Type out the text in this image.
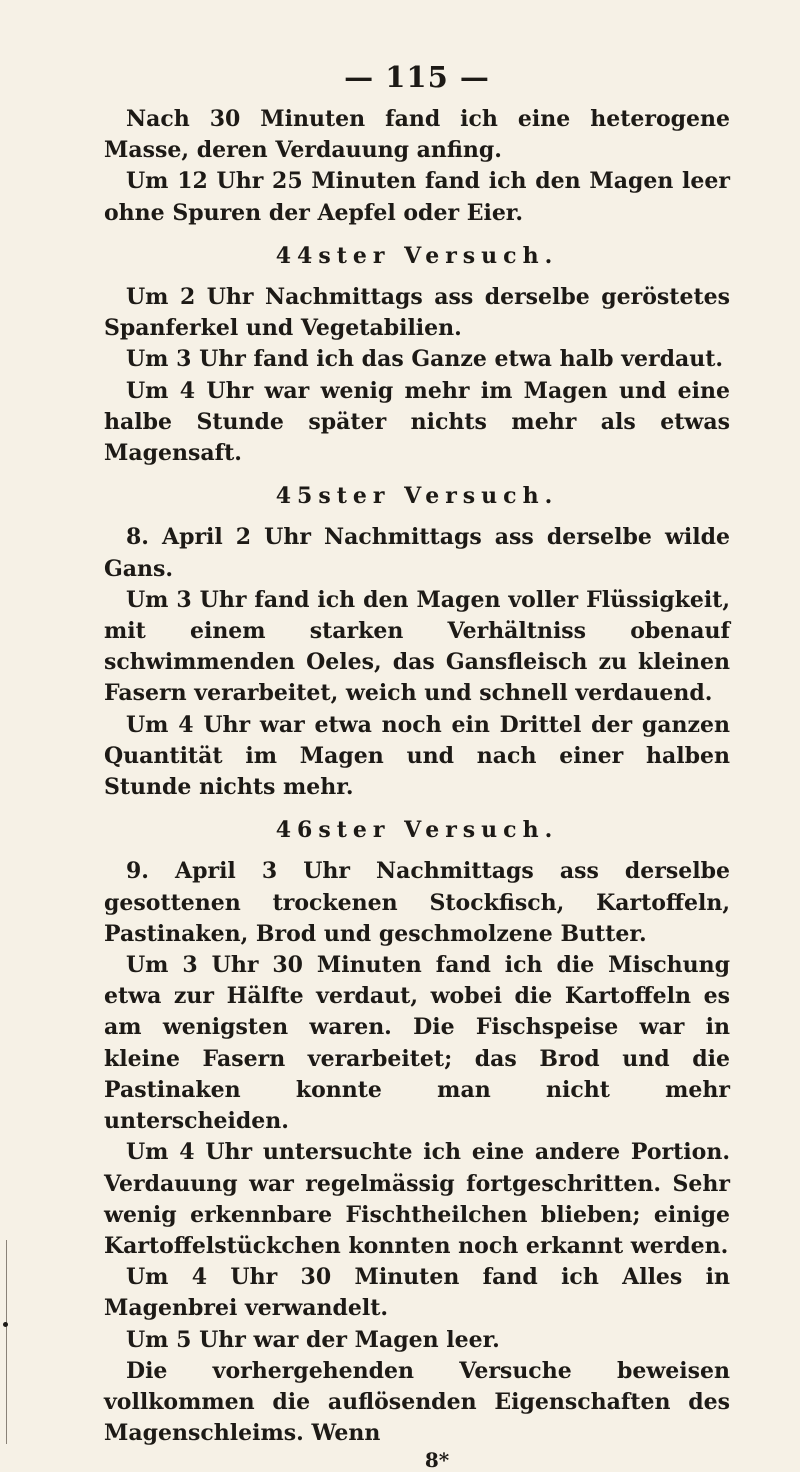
— 115 —

Nach 30 Minuten fand ich eine heterogene Masse, deren Verdauung anfing.

Um 12 Uhr 25 Minuten fand ich den Magen leer ohne Spuren der Aepfel oder Eier.

44ster Versuch.

Um 2 Uhr Nachmittags ass derselbe geröstetes Spanferkel und Vegetabilien.

Um 3 Uhr fand ich das Ganze etwa halb verdaut.

Um 4 Uhr war wenig mehr im Magen und eine halbe Stunde später nichts mehr als etwas Magensaft.

45ster Versuch.

8. April 2 Uhr Nachmittags ass derselbe wilde Gans.

Um 3 Uhr fand ich den Magen voller Flüssigkeit, mit einem starken Verhältniss obenauf schwimmenden Oeles, das Gansfleisch zu kleinen Fasern verarbeitet, weich und schnell verdauend.

Um 4 Uhr war etwa noch ein Drittel der ganzen Quantität im Magen und nach einer halben Stunde nichts mehr.

46ster Versuch.

9. April 3 Uhr Nachmittags ass derselbe gesottenen trockenen Stockfisch, Kartoffeln, Pastinaken, Brod und geschmolzene Butter.

Um 3 Uhr 30 Minuten fand ich die Mischung etwa zur Hälfte verdaut, wobei die Kartoffeln es am wenigsten waren. Die Fischspeise war in kleine Fasern verarbeitet; das Brod und die Pastinaken konnte man nicht mehr unterscheiden.

Um 4 Uhr untersuchte ich eine andere Portion. Verdauung war regelmässig fortgeschritten. Sehr wenig erkennbare Fischtheilchen blieben; einige Kartoffelstückchen konnten noch erkannt werden.

Um 4 Uhr 30 Minuten fand ich Alles in Magenbrei verwandelt.

Um 5 Uhr war der Magen leer.

Die vorhergehenden Versuche beweisen vollkommen die auflösenden Eigenschaften des Magenschleims. Wenn

8*
